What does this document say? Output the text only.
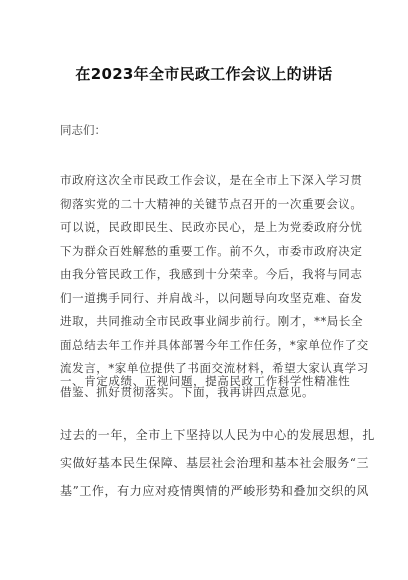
在2023年全市民政工作会议上的讲话
同志们：
市政府这次全市民政工作会议，是在全市上下深入学习贯
彻落实党的二十大精神的关键节点召开的一次重要会议。
可以说，民政即民生、民政亦民心，是上为党委政府分忧
下为群众百姓解愁的重要工作。前不久，市委市政府决定
由我分管民政工作，我感到十分荣幸。今后，我将与同志
们一道携手同行、并肩战斗，以问题导向攻坚克难、奋发
进取，共同推动全市民政事业阔步前行。刚才，**局长全
面总结去年工作并具体部署今年工作任务，*家单位作了交
流发言，*家单位提供了书面交流材料，希望大家认真学习
借鉴、抓好贯彻落实。下面，我再讲四点意见。
一、肯定成绩、正视问题，提高民政工作科学性精准性
过去的一年，全市上下坚持以人民为中心的发展思想，扎
实做好基本民生保障、基层社会治理和基本社会服务“三
基”工作，有力应对疫情舆情的严峻形势和叠加交织的风
